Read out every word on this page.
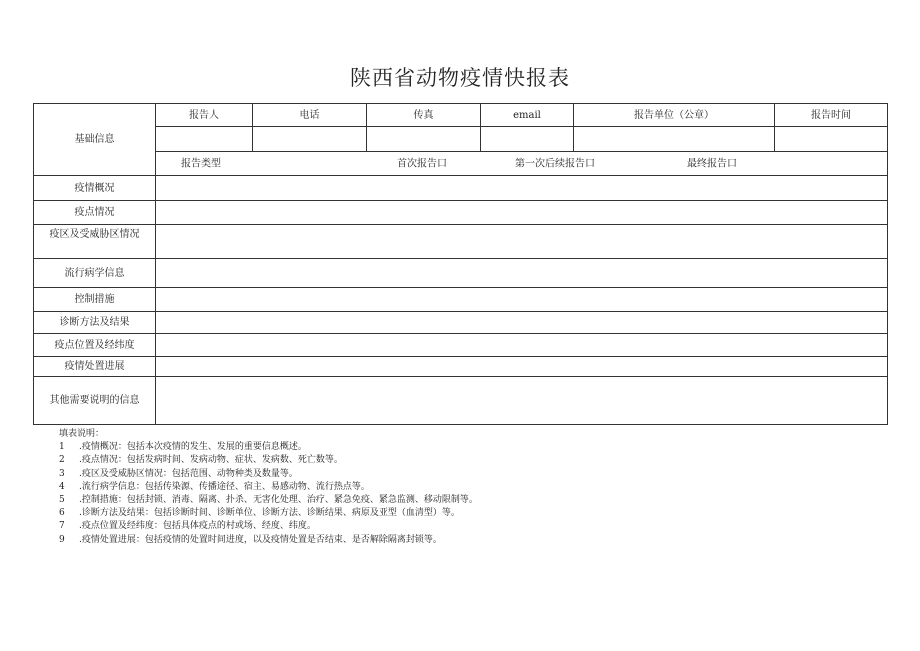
陕西省动物疫情快报表
基础信息	报告人	电话	传真	email	报告单位（公章）	报告时间

	报告类型 首次报告口 第一次后续报告口 最终报告口					

疫情概况						
疫点情况						
疫区及受威胁区情况						
流行病学信息						
控制措施						
诊断方法及结果						
疫点位置及经纬度						
疫情处置进展						
其他需要说明的信息						
填表说明：
1 .疫情概况：包括本次疫情的发生、发展的重要信息概述。
2 .疫点情况：包括发病时间、发病动物、症状、发病数、死亡数等。
3 .疫区及受威胁区情况：包括范围、动物种类及数量等。
4 .流行病学信息：包括传染源、传播途径、宿主、易感动物、流行热点等。
5 .控制措施：包括封锁、消毒、隔离、扑杀、无害化处理、治疗、紧急免疫、紧急监测、移动限制等。
6 .诊断方法及结果：包括诊断时间、诊断单位、诊断方法、诊断结果、病原及亚型（血清型）等。
7 .疫点位置及经纬度：包括具体疫点的村或场、经度、纬度。
9 .疫情处置进展：包括疫情的处置时间进度，以及疫情处置是否结束、是否解除隔离封锁等。
